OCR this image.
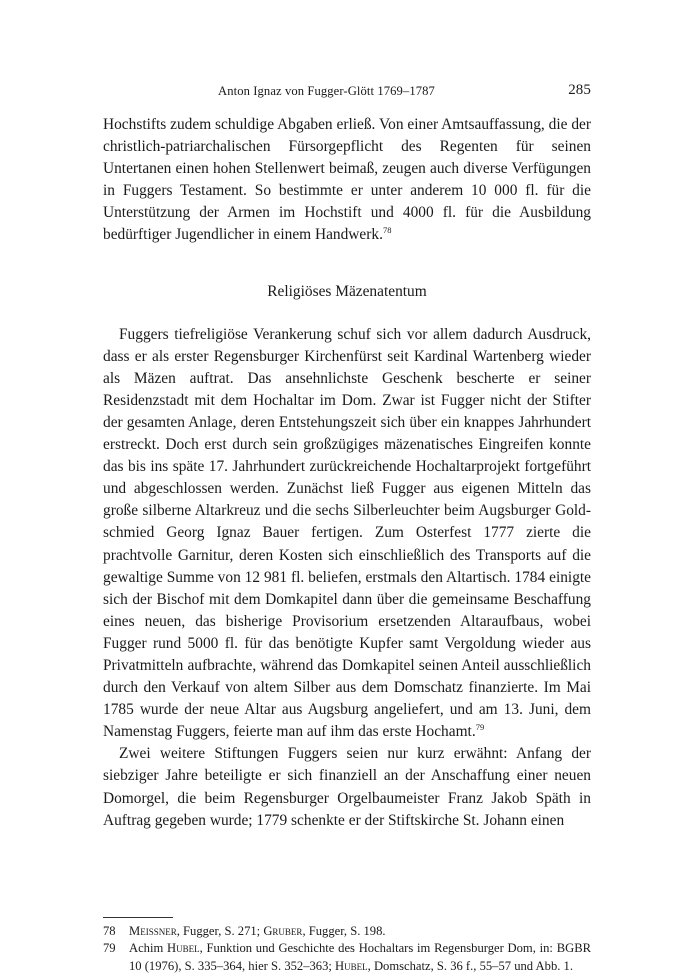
Anton Ignaz von Fugger-Glött 1769–1787	285

Hochstifts zudem schuldige Abgaben erließ. Von einer Amtsauffassung, die der christlich-patriarchalischen Fürsorgepflicht des Regenten für seinen Untertanen einen hohen Stellenwert beimaß, zeugen auch diverse Verfügungen in Fuggers Testament. So bestimmte er unter anderem 10 000 fl. für die Unterstützung der Armen im Hochstift und 4000 fl. für die Ausbildung bedürftiger Jugendlicher in einem Handwerk.$^{78}$

Religiöses Mäzenatentum

Fuggers tiefreligiöse Verankerung schuf sich vor allem dadurch Ausdruck, dass er als erster Regensburger Kirchenfürst seit Kardinal Wartenberg wieder als Mäzen auftrat. Das ansehnlichste Geschenk bescherte er seiner Residenzstadt mit dem Hochaltar im Dom. Zwar ist Fugger nicht der Stifter der gesamten Anlage, deren Entstehungszeit sich über ein knappes Jahrhundert erstreckt. Doch erst durch sein großzügiges mäzenatisches Eingreifen konnte das bis ins späte 17. Jahrhundert zurückreichende Hochaltarprojekt fortgeführt und abgeschlossen werden. Zunächst ließ Fugger aus eigenen Mitteln das große silberne Altarkreuz und die sechs Silberleuchter beim Augsburger Goldschmied Georg Ignaz Bauer fertigen. Zum Osterfest 1777 zierte die prachtvolle Garnitur, deren Kosten sich einschließlich des Transports auf die gewaltige Summe von 12 981 fl. beliefen, erstmals den Altartisch. 1784 einigte sich der Bischof mit dem Domkapitel dann über die gemeinsame Beschaffung eines neuen, das bisherige Provisorium ersetzenden Altaraufbaus, wobei Fugger rund 5000 fl. für das benötigte Kupfer samt Vergoldung wieder aus Privatmitteln aufbrachte, während das Domkapitel seinen Anteil ausschließlich durch den Verkauf von altem Silber aus dem Domschatz finanzierte. Im Mai 1785 wurde der neue Altar aus Augsburg angeliefert, und am 13. Juni, dem Namenstag Fuggers, feierte man auf ihm das erste Hochamt.$^{79}$

Zwei weitere Stiftungen Fuggers seien nur kurz erwähnt: Anfang der siebziger Jahre beteiligte er sich finanziell an der Anschaffung einer neuen Domorgel, die beim Regensburger Orgelbaumeister Franz Jakob Späth in Auftrag gegeben wurde; 1779 schenkte er der Stiftskirche St. Johann einen

78 Meissner, Fugger, S. 271; Gruber, Fugger, S. 198.
79 Achim Hubel, Funktion und Geschichte des Hochaltars im Regensburger Dom, in: BGBR 10 (1976), S. 335–364, hier S. 352–363; Hubel, Domschatz, S. 36 f., 55–57 und Abb. 1.
